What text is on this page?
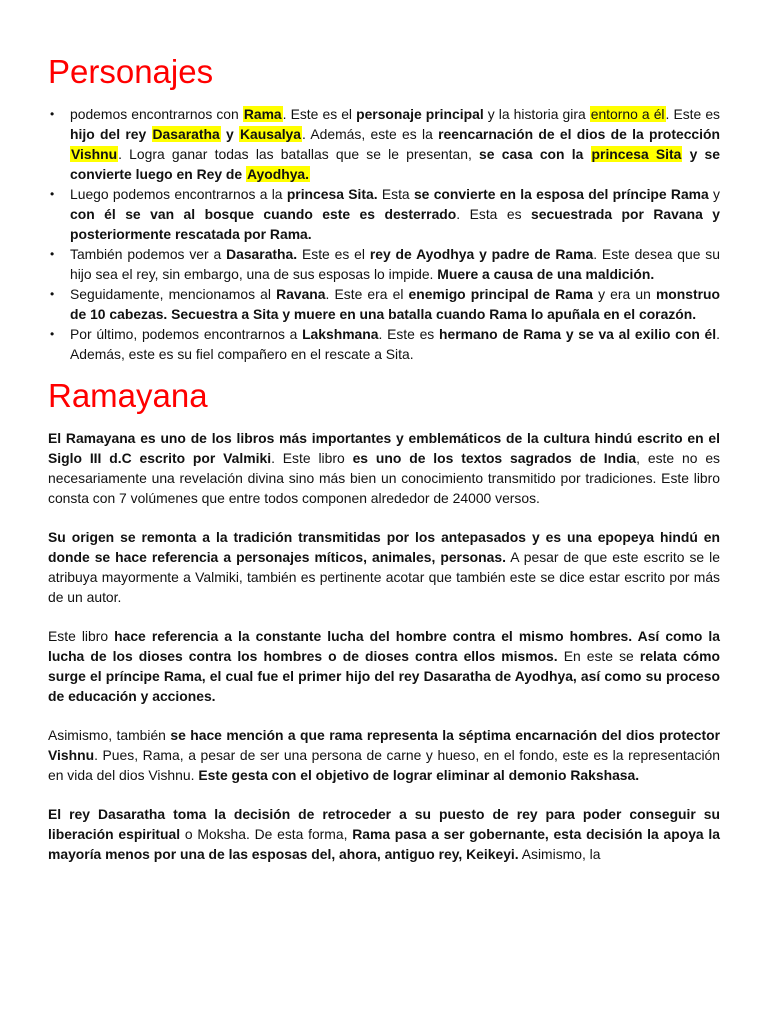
Personajes
• podemos encontrarnos con Rama. Este es el personaje principal y la historia gira entorno a él. Este es hijo del rey Dasaratha y Kausalya. Además, este es la reencarnación de el dios de la protección Vishnu. Logra ganar todas las batallas que se le presentan, se casa con la princesa Sita y se convierte luego en Rey de Ayodhya.
• Luego podemos encontrarnos a la princesa Sita. Esta se convierte en la esposa del príncipe Rama y con él se van al bosque cuando este es desterrado. Esta es secuestrada por Ravana y posteriormente rescatada por Rama.
• También podemos ver a Dasaratha. Este es el rey de Ayodhya y padre de Rama. Este desea que su hijo sea el rey, sin embargo, una de sus esposas lo impide. Muere a causa de una maldición.
• Seguidamente, mencionamos al Ravana. Este era el enemigo principal de Rama y era un monstruo de 10 cabezas. Secuestra a Sita y muere en una batalla cuando Rama lo apuñala en el corazón.
• Por último, podemos encontrarnos a Lakshmana. Este es hermano de Rama y se va al exilio con él. Además, este es su fiel compañero en el rescate a Sita.
Ramayana

El Ramayana es uno de los libros más importantes y emblemáticos de la cultura hindú escrito en el Siglo III d.C escrito por Valmiki. Este libro es uno de los textos sagrados de India, este no es necesariamente una revelación divina sino más bien un conocimiento transmitido por tradiciones. Este libro consta con 7 volúmenes que entre todos componen alrededor de 24000 versos.

Su origen se remonta a la tradición transmitidas por los antepasados y es una epopeya hindú en donde se hace referencia a personajes míticos, animales, personas. A pesar de que este escrito se le atribuya mayormente a Valmiki, también es pertinente acotar que también este se dice estar escrito por más de un autor.

Este libro hace referencia a la constante lucha del hombre contra el mismo hombres. Así como la lucha de los dioses contra los hombres o de dioses contra ellos mismos. En este se relata cómo surge el príncipe Rama, el cual fue el primer hijo del rey Dasaratha de Ayodhya, así como su proceso de educación y acciones.

Asimismo, también se hace mención a que rama representa la séptima encarnación del dios protector Vishnu. Pues, Rama, a pesar de ser una persona de carne y hueso, en el fondo, este es la representación en vida del dios Vishnu. Este gesta con el objetivo de lograr eliminar al demonio Rakshasa.

El rey Dasaratha toma la decisión de retroceder a su puesto de rey para poder conseguir su liberación espiritual o Moksha. De esta forma, Rama pasa a ser gobernante, esta decisión la apoya la mayoría menos por una de las esposas del, ahora, antiguo rey, Keikeyi. Asimismo, la
